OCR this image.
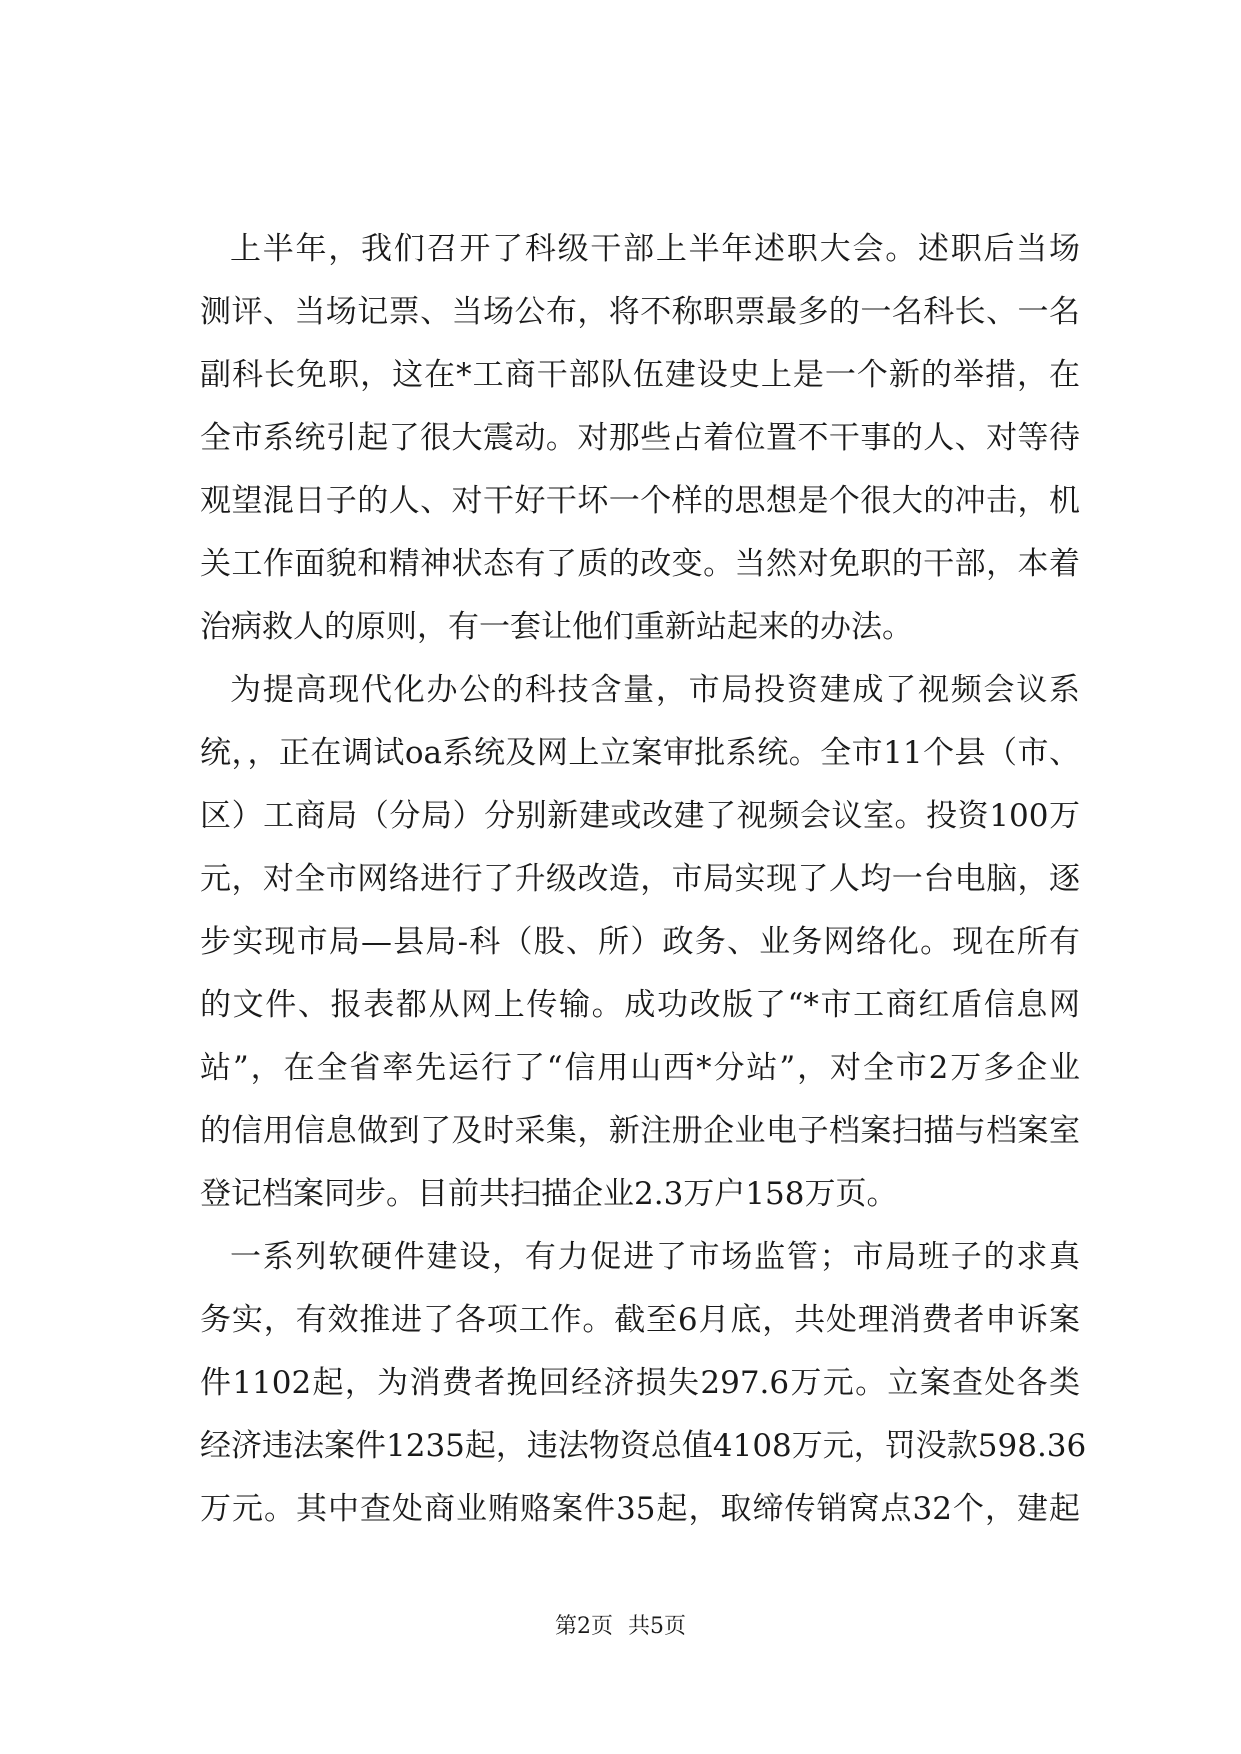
上半年，我们召开了科级干部上半年述职大会。述职后当场
测评、当场记票、当场公布，将不称职票最多的一名科长、一名
副科长免职，这在*工商干部队伍建设史上是一个新的举措，在
全市系统引起了很大震动。对那些占着位置不干事的人、对等待
观望混日子的人、对干好干坏一个样的思想是个很大的冲击，机
关工作面貌和精神状态有了质的改变。当然对免职的干部，本着
治病救人的原则，有一套让他们重新站起来的办法。
为提高现代化办公的科技含量，市局投资建成了视频会议系
统，，正在调试oa系统及网上立案审批系统。全市11个县（市、
区）工商局（分局）分别新建或改建了视频会议室。投资100万
元，对全市网络进行了升级改造，市局实现了人均一台电脑，逐
步实现市局—县局-科（股、所）政务、业务网络化。现在所有
的文件、报表都从网上传输。成功改版了“*市工商红盾信息网
站”，在全省率先运行了“信用山西*分站”，对全市2万多企业
的信用信息做到了及时采集，新注册企业电子档案扫描与档案室
登记档案同步。目前共扫描企业2.3万户158万页。
一系列软硬件建设，有力促进了市场监管；市局班子的求真
务实，有效推进了各项工作。截至6月底，共处理消费者申诉案
件1102起，为消费者挽回经济损失297.6万元。立案查处各类
经济违法案件1235起，违法物资总值4108万元，罚没款598.36
万元。其中查处商业贿赂案件35起，取缔传销窝点32个，建起
第2页 共5页
